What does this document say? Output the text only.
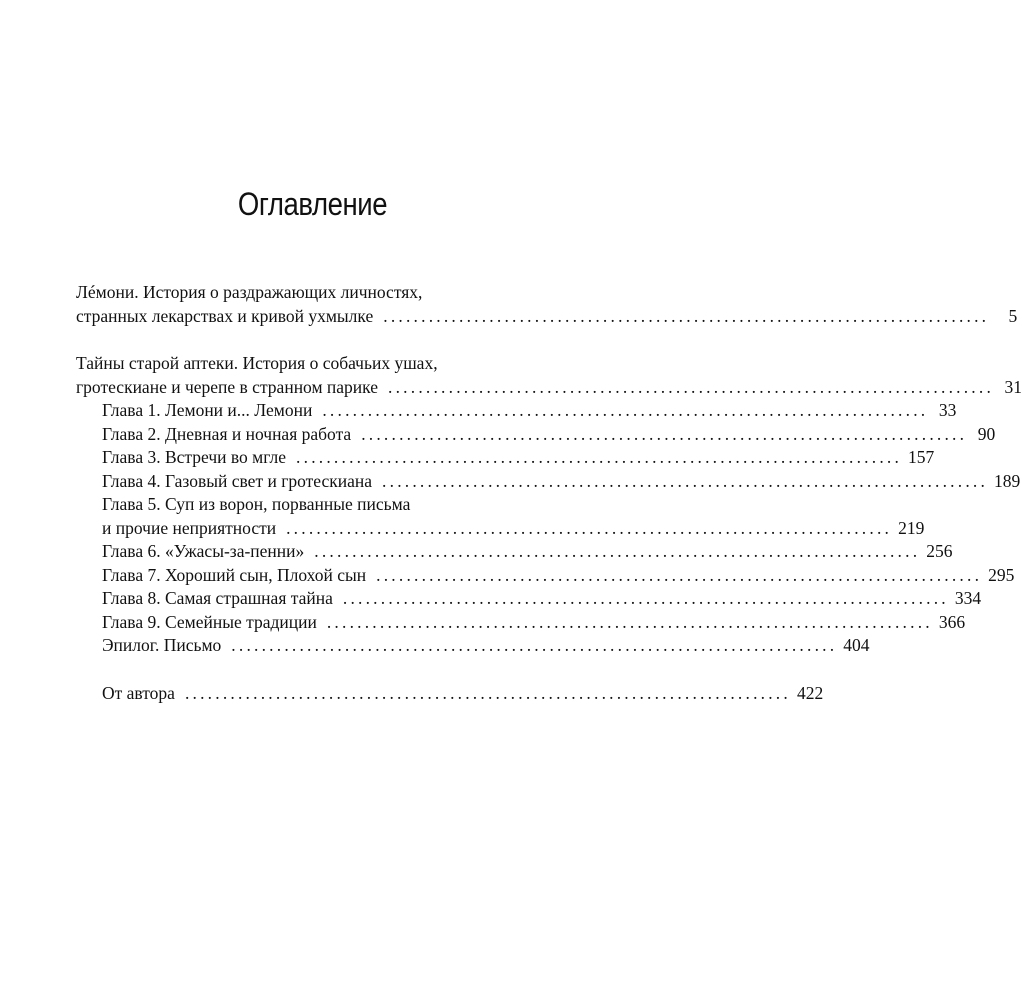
Оглавление
Лéмони. История о раздражающих личностях,
странных лекарствах и кривой ухмылке ................................................................................	5
Тайны старой аптеки. История о собачьих ушах,
гротескиане и черепе в странном парике ................................................................................ 31
Глава 1. Лемони и... Лемони ................................................................................ 33
Глава 2. Дневная и ночная работа ................................................................................ 90
Глава 3. Встречи во мгле ................................................................................ 157
Глава 4. Газовый свет и гротескиана ................................................................................ 189
Глава 5. Суп из ворон, порванные письма
и прочие неприятности ................................................................................ 219
Глава 6. «Ужасы-за-пенни» ................................................................................ 256
Глава 7. Хороший сын, Плохой сын ................................................................................ 295
Глава 8. Самая страшная тайна ................................................................................ 334
Глава 9. Семейные традиции ................................................................................ 366
Эпилог. Письмо ................................................................................ 404
От автора ................................................................................ 422
